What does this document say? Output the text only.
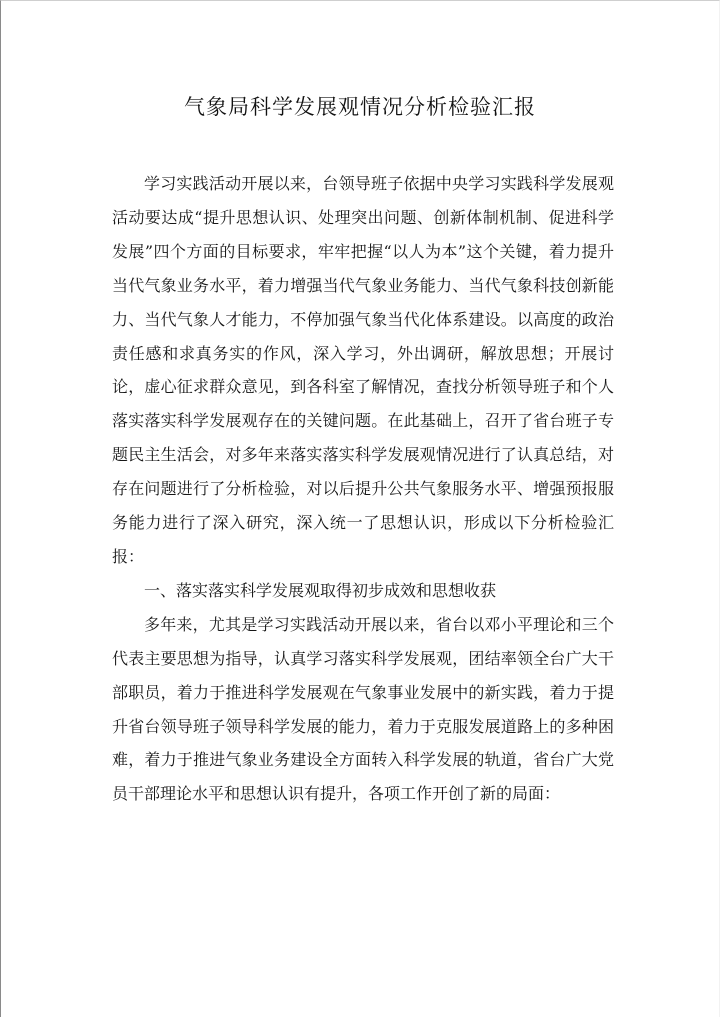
气象局科学发展观情况分析检验汇报

学习实践活动开展以来，台领导班子依据中央学习实践科学发展观活动要达成“提升思想认识、处理突出问题、创新体制机制、促进科学发展”四个方面的目标要求，牢牢把握“以人为本”这个关键，着力提升当代气象业务水平，着力增强当代气象业务能力、当代气象科技创新能力、当代气象人才能力，不停加强气象当代化体系建设。以高度的政治责任感和求真务实的作风，深入学习，外出调研，解放思想；开展讨论，虚心征求群众意见，到各科室了解情况，查找分析领导班子和个人落实落实科学发展观存在的关键问题。在此基础上，召开了省台班子专题民主生活会，对多年来落实落实科学发展观情况进行了认真总结，对存在问题进行了分析检验，对以后提升公共气象服务水平、增强预报服务能力进行了深入研究，深入统一了思想认识，形成以下分析检验汇报：

一、落实落实科学发展观取得初步成效和思想收获

多年来，尤其是学习实践活动开展以来，省台以邓小平理论和三个代表主要思想为指导，认真学习落实科学发展观，团结率领全台广大干部职员，着力于推进科学发展观在气象事业发展中的新实践，着力于提升省台领导班子领导科学发展的能力，着力于克服发展道路上的多种困难，着力于推进气象业务建设全方面转入科学发展的轨道，省台广大党员干部理论水平和思想认识有提升，各项工作开创了新的局面：
